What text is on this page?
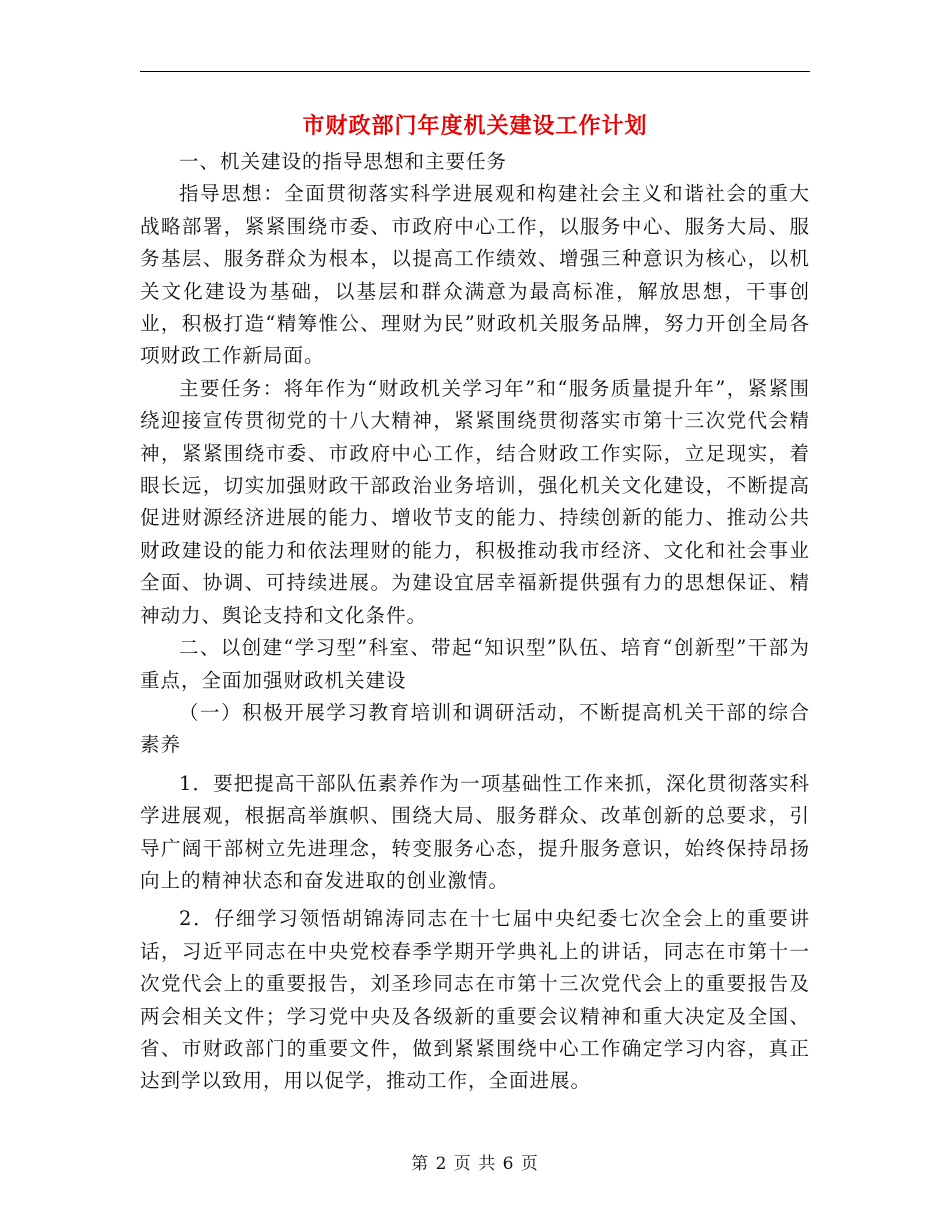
市财政部门年度机关建设工作计划

一、机关建设的指导思想和主要任务

指导思想：全面贯彻落实科学进展观和构建社会主义和谐社会的重大战略部署，紧紧围绕市委、市政府中心工作，以服务中心、服务大局、服务基层、服务群众为根本，以提高工作绩效、增强三种意识为核心，以机关文化建设为基础，以基层和群众满意为最高标准，解放思想，干事创业，积极打造“精筹惟公、理财为民”财政机关服务品牌，努力开创全局各项财政工作新局面。

主要任务：将年作为“财政机关学习年”和“服务质量提升年”，紧紧围绕迎接宣传贯彻党的十八大精神，紧紧围绕贯彻落实市第十三次党代会精神，紧紧围绕市委、市政府中心工作，结合财政工作实际，立足现实，着眼长远，切实加强财政干部政治业务培训，强化机关文化建设，不断提高促进财源经济进展的能力、增收节支的能力、持续创新的能力、推动公共财政建设的能力和依法理财的能力，积极推动我市经济、文化和社会事业全面、协调、可持续进展。为建设宜居幸福新提供强有力的思想保证、精神动力、舆论支持和文化条件。

二、以创建“学习型”科室、带起“知识型”队伍、培育“创新型”干部为重点，全面加强财政机关建设

（一）积极开展学习教育培训和调研活动，不断提高机关干部的综合素养

1．要把提高干部队伍素养作为一项基础性工作来抓，深化贯彻落实科学进展观，根据高举旗帜、围绕大局、服务群众、改革创新的总要求，引导广阔干部树立先进理念，转变服务心态，提升服务意识，始终保持昂扬向上的精神状态和奋发进取的创业激情。

2．仔细学习领悟胡锦涛同志在十七届中央纪委七次全会上的重要讲话，习近平同志在中央党校春季学期开学典礼上的讲话，同志在市第十一次党代会上的重要报告，刘圣珍同志在市第十三次党代会上的重要报告及两会相关文件；学习党中央及各级新的重要会议精神和重大决定及全国、省、市财政部门的重要文件，做到紧紧围绕中心工作确定学习内容，真正达到学以致用，用以促学，推动工作，全面进展。

第 2 页 共 6 页
